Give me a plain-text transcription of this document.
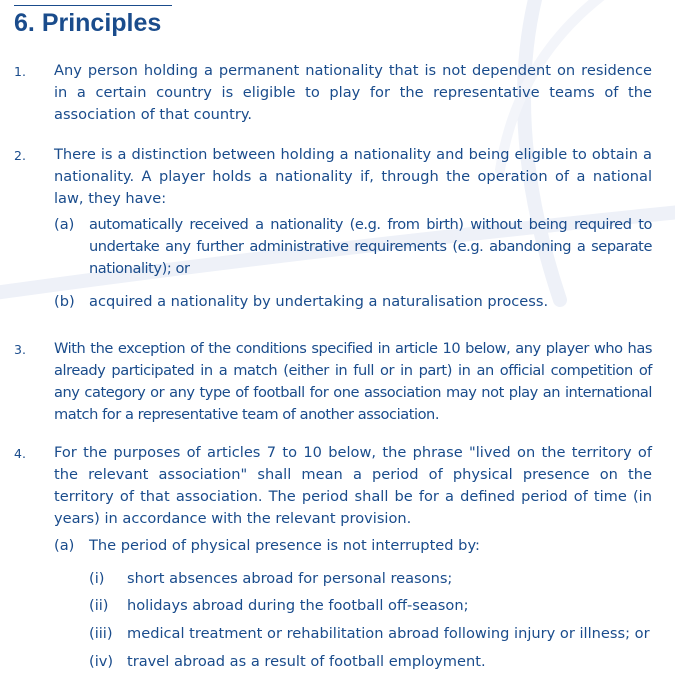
6. Principles
1. Any person holding a permanent nationality that is not dependent on residence in a certain country is eligible to play for the representative teams of the association of that country.

2. There is a distinction between holding a nationality and being eligible to obtain a nationality. A player holds a nationality if, through the operation of a national law, they have:

(a) automatically received a nationality (e.g. from birth) without being required to undertake any further administrative requirements (e.g. abandoning a separate nationality); or

(b) acquired a nationality by undertaking a naturalisation process.

3. With the exception of the conditions specified in article 10 below, any player who has already participated in a match (either in full or in part) in an official competition of any category or any type of football for one association may not play an international match for a representative team of another association.

4. For the purposes of articles 7 to 10 below, the phrase "lived on the territory of the relevant association" shall mean a period of physical presence on the territory of that association. The period shall be for a defined period of time (in years) in accordance with the relevant provision.

(a) The period of physical presence is not interrupted by:

(i) short absences abroad for personal reasons;

(ii) holidays abroad during the football off-season;

(iii) medical treatment or rehabilitation abroad following injury or illness; or

(iv) travel abroad as a result of football employment.
